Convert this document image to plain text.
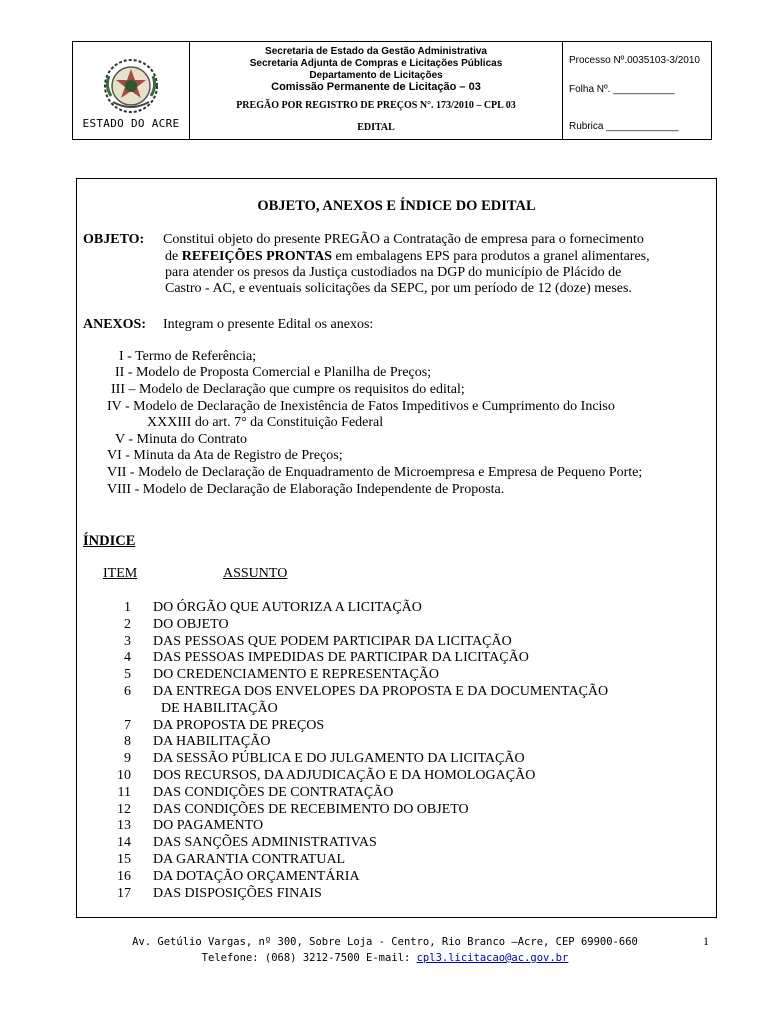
ESTADO DO ACRE
Secretaria de Estado da Gestão Administrativa
Secretaria Adjunta de Compras e Licitações Públicas
Departamento de Licitações
Comissão Permanente de Licitação – 03
PREGÃO POR REGISTRO DE PREÇOS N°. 173/2010 – CPL 03
EDITAL
Processo Nº.0035103-3/2010
Folha Nº. ___________
Rubrica _____________
OBJETO, ANEXOS E ÍNDICE DO EDITAL
OBJETO: Constitui objeto do presente PREGÃO a Contratação de empresa para o fornecimento
de REFEIÇÕES PRONTAS em embalagens EPS para produtos a granel alimentares,
para atender os presos da Justiça custodiados na DGP do município de Plácido de
Castro - AC, e eventuais solicitações da SEPC, por um período de 12 (doze) meses.
ANEXOS: Integram o presente Edital os anexos:
I - Termo de Referência;
II - Modelo de Proposta Comercial e Planilha de Preços;
III – Modelo de Declaração que cumpre os requisitos do edital;
IV - Modelo de Declaração de Inexistência de Fatos Impeditivos e Cumprimento do Inciso
XXXIII do art. 7° da Constituição Federal
V - Minuta do Contrato
VI - Minuta da Ata de Registro de Preços;
VII - Modelo de Declaração de Enquadramento de Microempresa e Empresa de Pequeno Porte;
VIII - Modelo de Declaração de Elaboração Independente de Proposta.
ÍNDICE
ITEM	ASSUNTO
1 DO ÓRGÃO QUE AUTORIZA A LICITAÇÃO
2 DO OBJETO
3 DAS PESSOAS QUE PODEM PARTICIPAR DA LICITAÇÃO
4 DAS PESSOAS IMPEDIDAS DE PARTICIPAR DA LICITAÇÃO
5 DO CREDENCIAMENTO E REPRESENTAÇÃO
6 DA ENTREGA DOS ENVELOPES DA PROPOSTA E DA DOCUMENTAÇÃO
DE HABILITAÇÃO
7 DA PROPOSTA DE PREÇOS
8 DA HABILITAÇÃO
9 DA SESSÃO PÚBLICA E DO JULGAMENTO DA LICITAÇÃO
10 DOS RECURSOS, DA ADJUDICAÇÃO E DA HOMOLOGAÇÃO
11 DAS CONDIÇÕES DE CONTRATAÇÃO
12 DAS CONDIÇÕES DE RECEBIMENTO DO OBJETO
13 DO PAGAMENTO
14 DAS SANÇÕES ADMINISTRATIVAS
15 DA GARANTIA CONTRATUAL
16 DA DOTAÇÃO ORÇAMENTÁRIA
17 DAS DISPOSIÇÕES FINAIS
Av. Getúlio Vargas, nº 300, Sobre Loja - Centro, Rio Branco –Acre, CEP 69900-660
Telefone: (068) 3212-7500 E-mail: cpl3.licitacao@ac.gov.br
1
